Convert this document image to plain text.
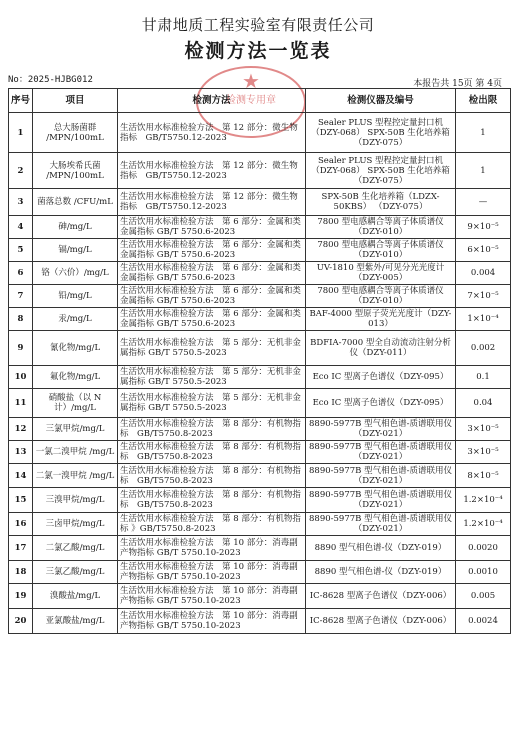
甘肃地质工程实验室有限责任公司
检测方法一览表
No：2025-HJBG012	本报告共 15页 第 4页
★
检测专用章
序号	项目	检测方法	检测仪器及编号	检出限
1	总大肠菌群 /MPN/100mL	生活饮用水标准检验方法　第 12 部分：微生物指标　GB/T5750.12-2023	Sealer PLUS 型程控定量封口机（DZY-068） SPX-50B 生化培养箱（DZY-075）	1
2	大肠埃希氏菌 /MPN/100mL	生活饮用水标准检验方法　第 12 部分：微生物指标　GB/T5750.12-2023	Sealer PLUS 型程控定量封口机（DZY-068） SPX-50B 生化培养箱（DZY-075）	1
3	菌落总数 /CFU/mL	生活饮用水标准检验方法　第 12 部分：微生物指标　GB/T5750.12-2023	SPX-50B 生化培养箱（LDZX-50KBS） （DZY-075）	—
4	砷/mg/L	生活饮用水标准检验方法　第 6 部分：金属和类金属指标 GB/T 5750.6-2023	7800 型电感耦合等离子体质谱仪（DZY-010）	9×10⁻⁵
5	镉/mg/L	生活饮用水标准检验方法　第 6 部分：金属和类金属指标 GB/T 5750.6-2023	7800 型电感耦合等离子体质谱仪（DZY-010）	6×10⁻⁵
6	铬（六价）/mg/L	生活饮用水标准检验方法　第 6 部分：金属和类金属指标 GB/T 5750.6-2023	UV-1810 型紫外/可见分光光度计（DZY-005）	0.004
7	铅/mg/L	生活饮用水标准检验方法　第 6 部分：金属和类金属指标 GB/T 5750.6-2023	7800 型电感耦合等离子体质谱仪（DZY-010）	7×10⁻⁵
8	汞/mg/L	生活饮用水标准检验方法　第 6 部分：金属和类金属指标 GB/T 5750.6-2023	BAF-4000 型原子荧光光度计（DZY-013）	1×10⁻⁴
9	氰化物/mg/L	生活饮用水标准检验方法　第 5 部分：无机非金属指标 GB/T 5750.5-2023	BDFIA-7000 型全自动流动注射分析仪（DZY-011）	0.002
10	氟化物/mg/L	生活饮用水标准检验方法　第 5 部分：无机非金属指标 GB/T 5750.5-2023	Eco IC 型离子色谱仪（DZY-095）	0.1
11	硝酸盐（以 N 计）/mg/L	生活饮用水标准检验方法　第 5 部分：无机非金属指标 GB/T 5750.5-2023	Eco IC 型离子色谱仪（DZY-095）	0.04
12	三氯甲烷/mg/L	生活饮用水标准检验方法　第 8 部分：有机物指标　GB/T5750.8-2023	8890-5977B 型气相色谱-质谱联用仪（DZY-021）	3×10⁻⁵
13	一氯二溴甲烷 /mg/L	生活饮用水标准检验方法　第 8 部分：有机物指标　GB/T5750.8-2023	8890-5977B 型气相色谱-质谱联用仪（DZY-021）	3×10⁻⁵
14	二氯一溴甲烷 /mg/L	生活饮用水标准检验方法　第 8 部分：有机物指标　GB/T5750.8-2023	8890-5977B 型气相色谱-质谱联用仪（DZY-021）	8×10⁻⁵
15	三溴甲烷/mg/L	生活饮用水标准检验方法　第 8 部分：有机物指标　GB/T5750.8-2023	8890-5977B 型气相色谱-质谱联用仪（DZY-021）	1.2×10⁻⁴
16	三卤甲烷/mg/L	生活饮用水标准检验方法　第 8 部分：有机物指标 》GB/T5750.8-2023	8890-5977B 型气相色谱-质谱联用仪（DZY-021）	1.2×10⁻⁴
17	二氯乙酸/mg/L	生活饮用水标准检验方法　第 10 部分：消毒副产物指标 GB/T 5750.10-2023	8890 型气相色谱-仪（DZY-019）	0.0020
18	三氯乙酸/mg/L	生活饮用水标准检验方法　第 10 部分：消毒副产物指标 GB/T 5750.10-2023	8890 型气相色谱-仪（DZY-019）	0.0010
19	溴酸盐/mg/L	生活饮用水标准检验方法　第 10 部分：消毒副产物指标 GB/T 5750.10-2023	IC-8628 型离子色谱仪（DZY-006）	0.005
20	亚氯酸盐/mg/L	生活饮用水标准检验方法　第 10 部分：消毒副产物指标 GB/T 5750.10-2023	IC-8628 型离子色谱仪（DZY-006）	0.0024
